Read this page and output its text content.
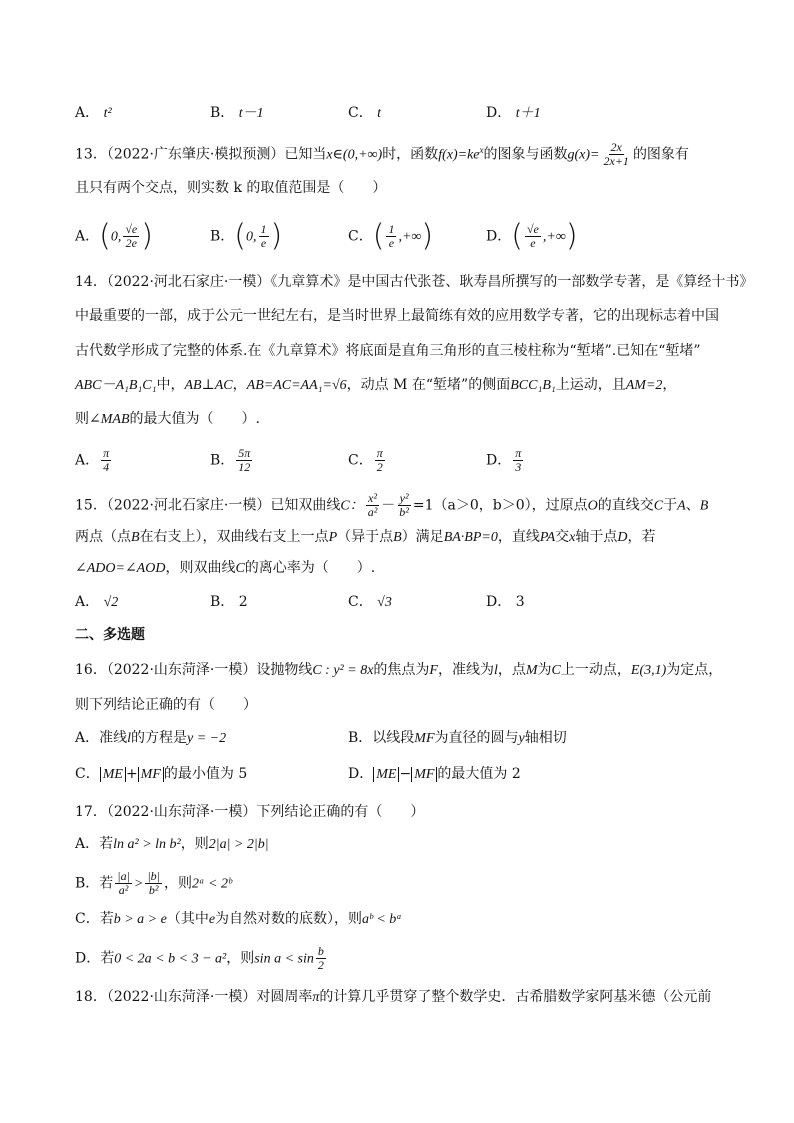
A． t²	B． t－1	C． t	D． t＋1
13．（2022·广东肇庆·模拟预测）已知当x∈(0,+∞)时，函数$f(x)=ke^x$的图象与函数$g(x)= \frac{2x}{2x+1}$ 的图象有
且只有两个交点，则实数 k 的取值范围是（　　）
A．(0, $\frac{√e}{2e}$ )	B．(0, $\frac{1}{e}$ )	C．( $\frac{1}{e}$ ,+∞)	D．( $\frac{√e}{e}$ ,+∞)
14．（2022·河北石家庄·一模）《九章算术》是中国古代张苍、耿寿昌所撰写的一部数学专著，是《算经十书》
中最重要的一部，成于公元一世纪左右，是当时世界上最简练有效的应用数学专著，它的出现标志着中国
古代数学形成了完整的体系.在《九章算术》将底面是直角三角形的直三棱柱称为“堑堵”.已知在“堑堵”
ABC－A₁B₁C₁中，AB⊥AC，AB=AC=AA₁=√6，动点 M 在“堑堵”的侧面BCC₁B₁上运动，且AM=2，
则∠MAB的最大值为（　　）.
A． $\frac{\pi}{4}$	B． $\frac{5\pi}{12}$	C． $\frac{\pi}{2}$	D． $\frac{\pi}{3}$
15．（2022·河北石家庄·一模）已知双曲线C： $\frac{\text{x²}}{\text{a²}} - \frac{\text{y²}}{\text{b²}} =1(a>0$，b＞0），过原点O的直线交C于A、B
两点（点B在右支上），双曲线右支上一点P（异于点B）满足BA·BP=0，直线PA交x轴于点D，若
∠ADO=∠AOD，则双曲线C的离心率为（　　）.
A． √2	B． 2	C． √3	D． 3
二、多选题
16．（2022·山东菏泽·一模）设抛物线C : y² = 8x的焦点为F，准线为l，点M为C上一动点，E(3,1)为定点，
则下列结论正确的有（　　）
A．准线l的方程是y = −2	B．以线段MF为直径的圆与y轴相切
C． ME + MF 的最小值为 5	D． ME − MF 的最大值为 2
17．（2022·山东菏泽·一模）下列结论正确的有（　　）
A．若ln a² > ln b²，则2|a| > 2|b|
B．若 $\frac{|a|}{\text{a²}} > \frac{|b|}{\text{b²}}$ ，则2ᵃ < 2ᵇ
C．若b > a > e（其中e为自然对数的底数），则aᵇ < bᵃ
D．若0 < 2a < b < 3 − a²，则$\sin a < \sin \frac{b}{2}$
18．（2022·山东菏泽·一模）对圆周率π的计算几乎贯穿了整个数学史．古希腊数学家阿基米德（公元前
